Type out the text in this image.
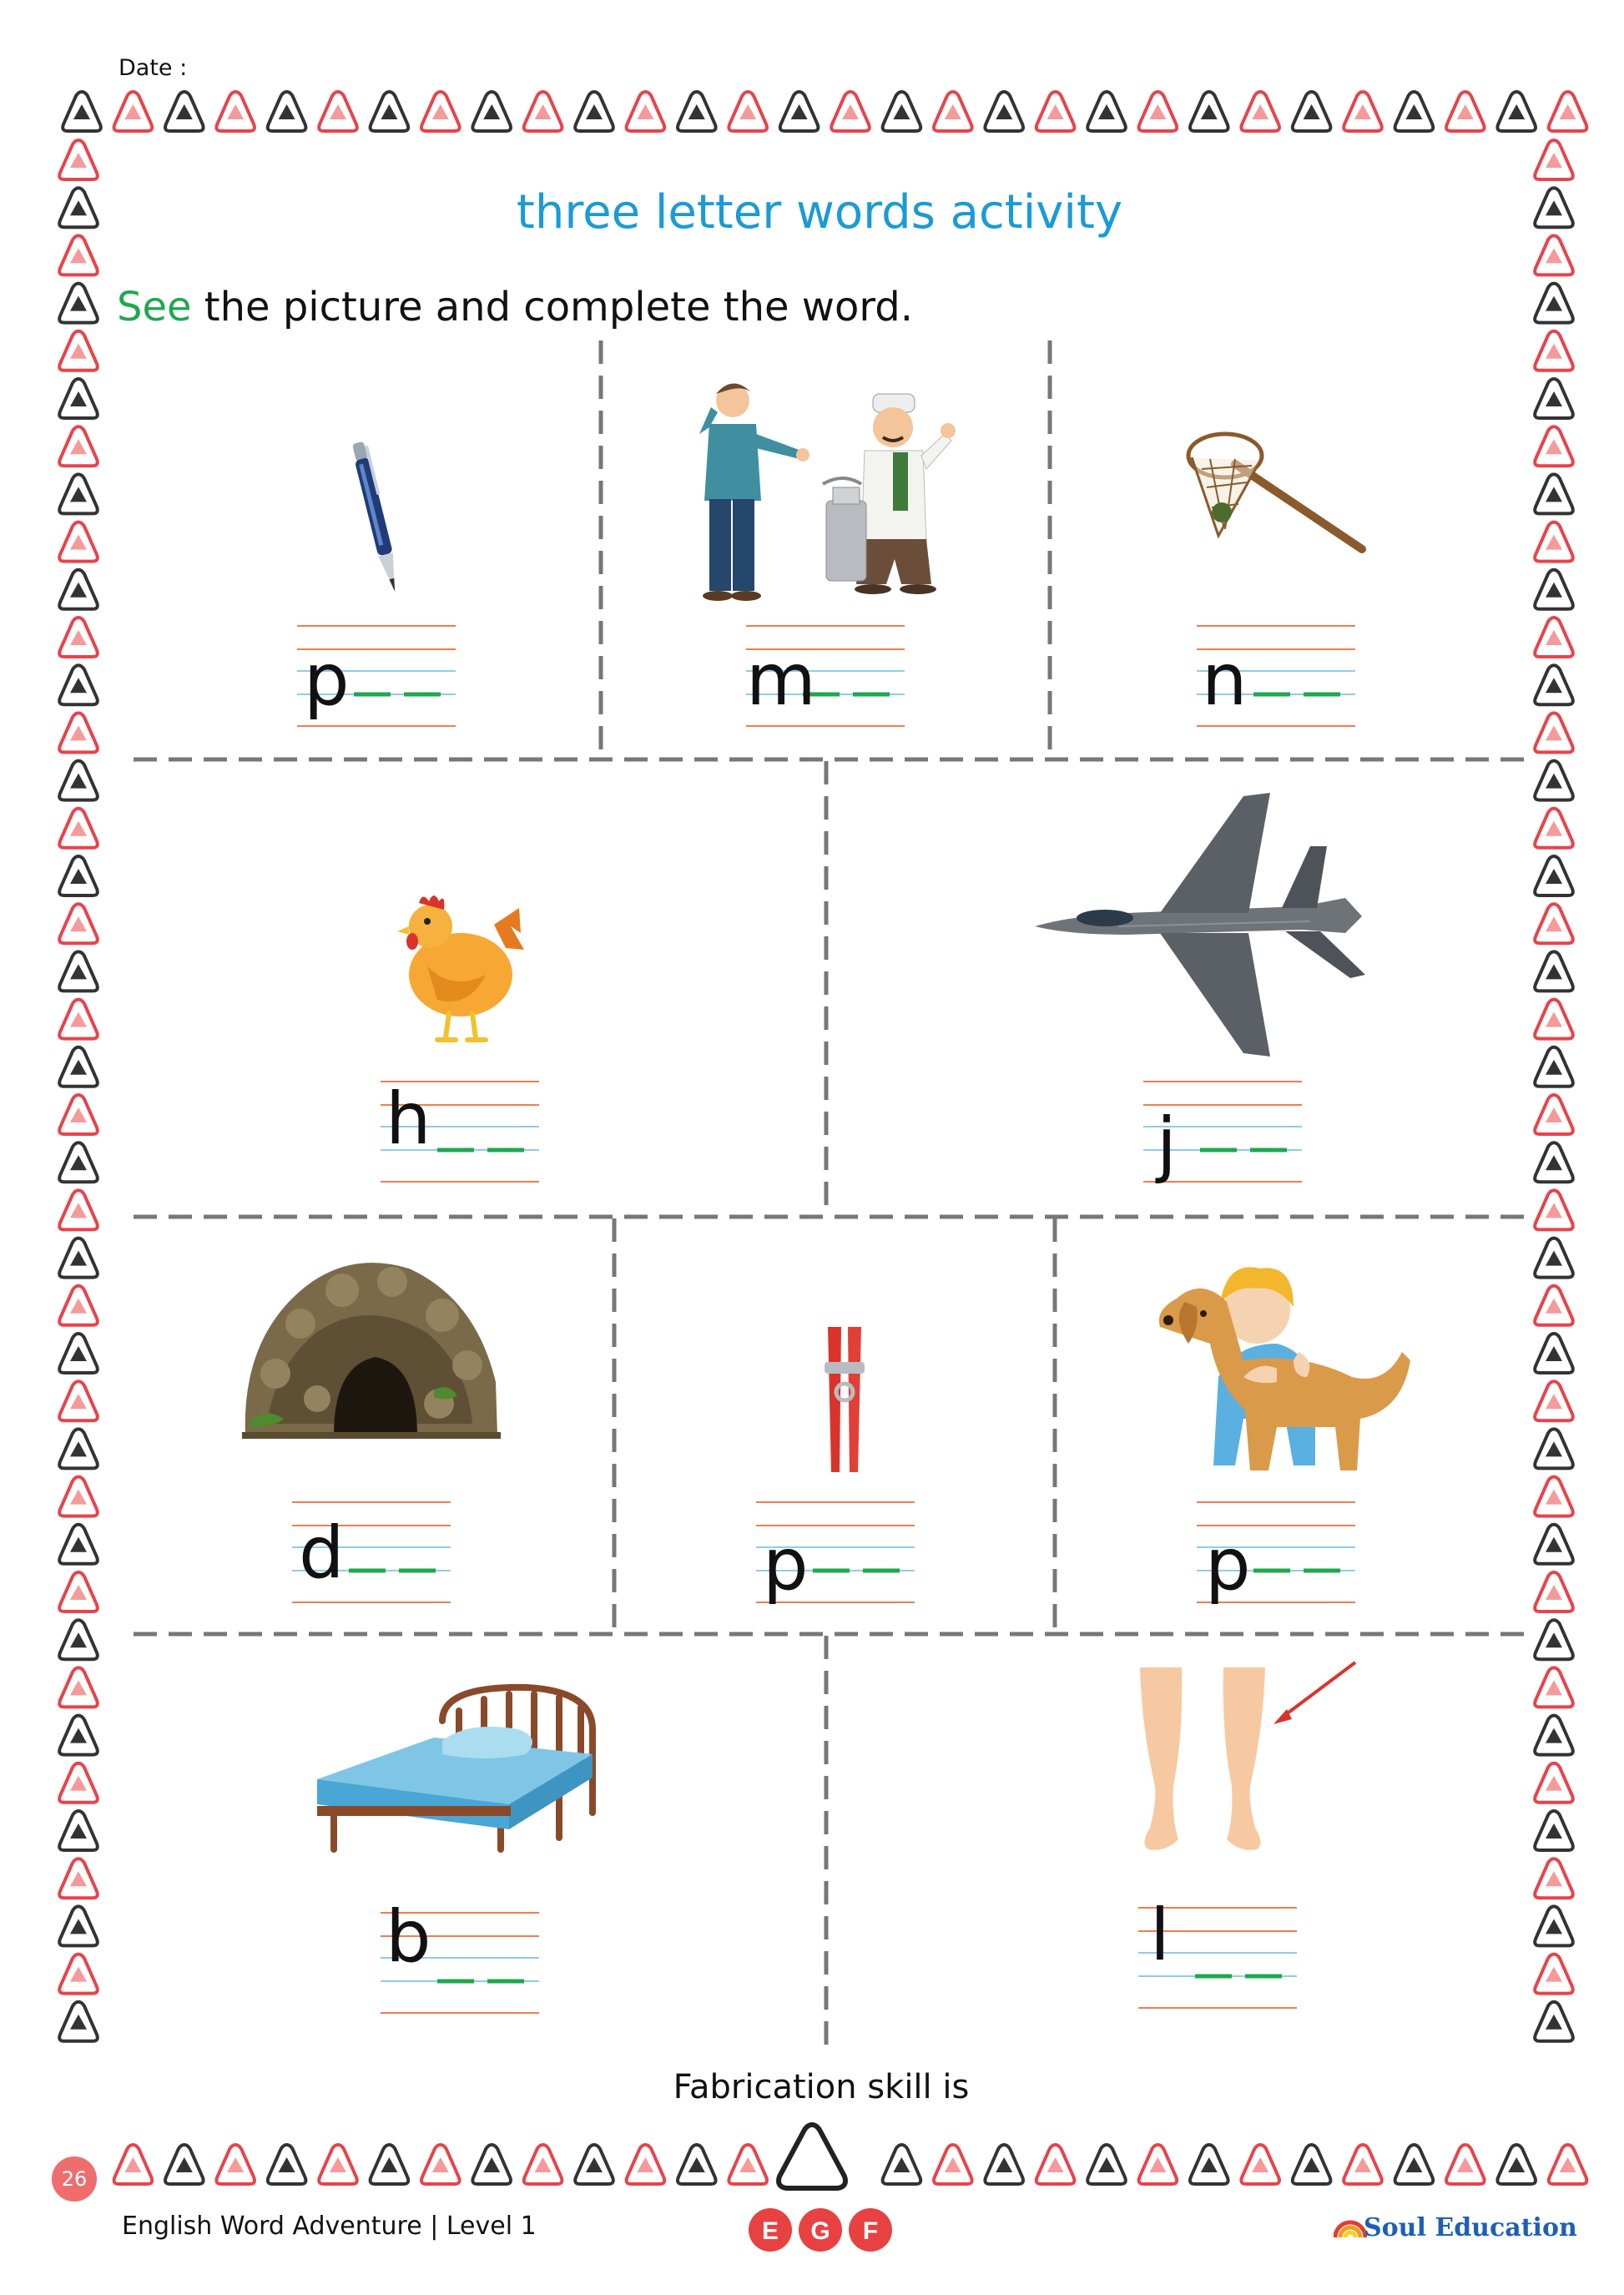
Date :
three letter words activity
See the picture and complete the word.
p	m	n
h	j
d	p	p
b	l
Fabrication skill is
26
English Word Adventure | Level 1	E G F	Soul Education
